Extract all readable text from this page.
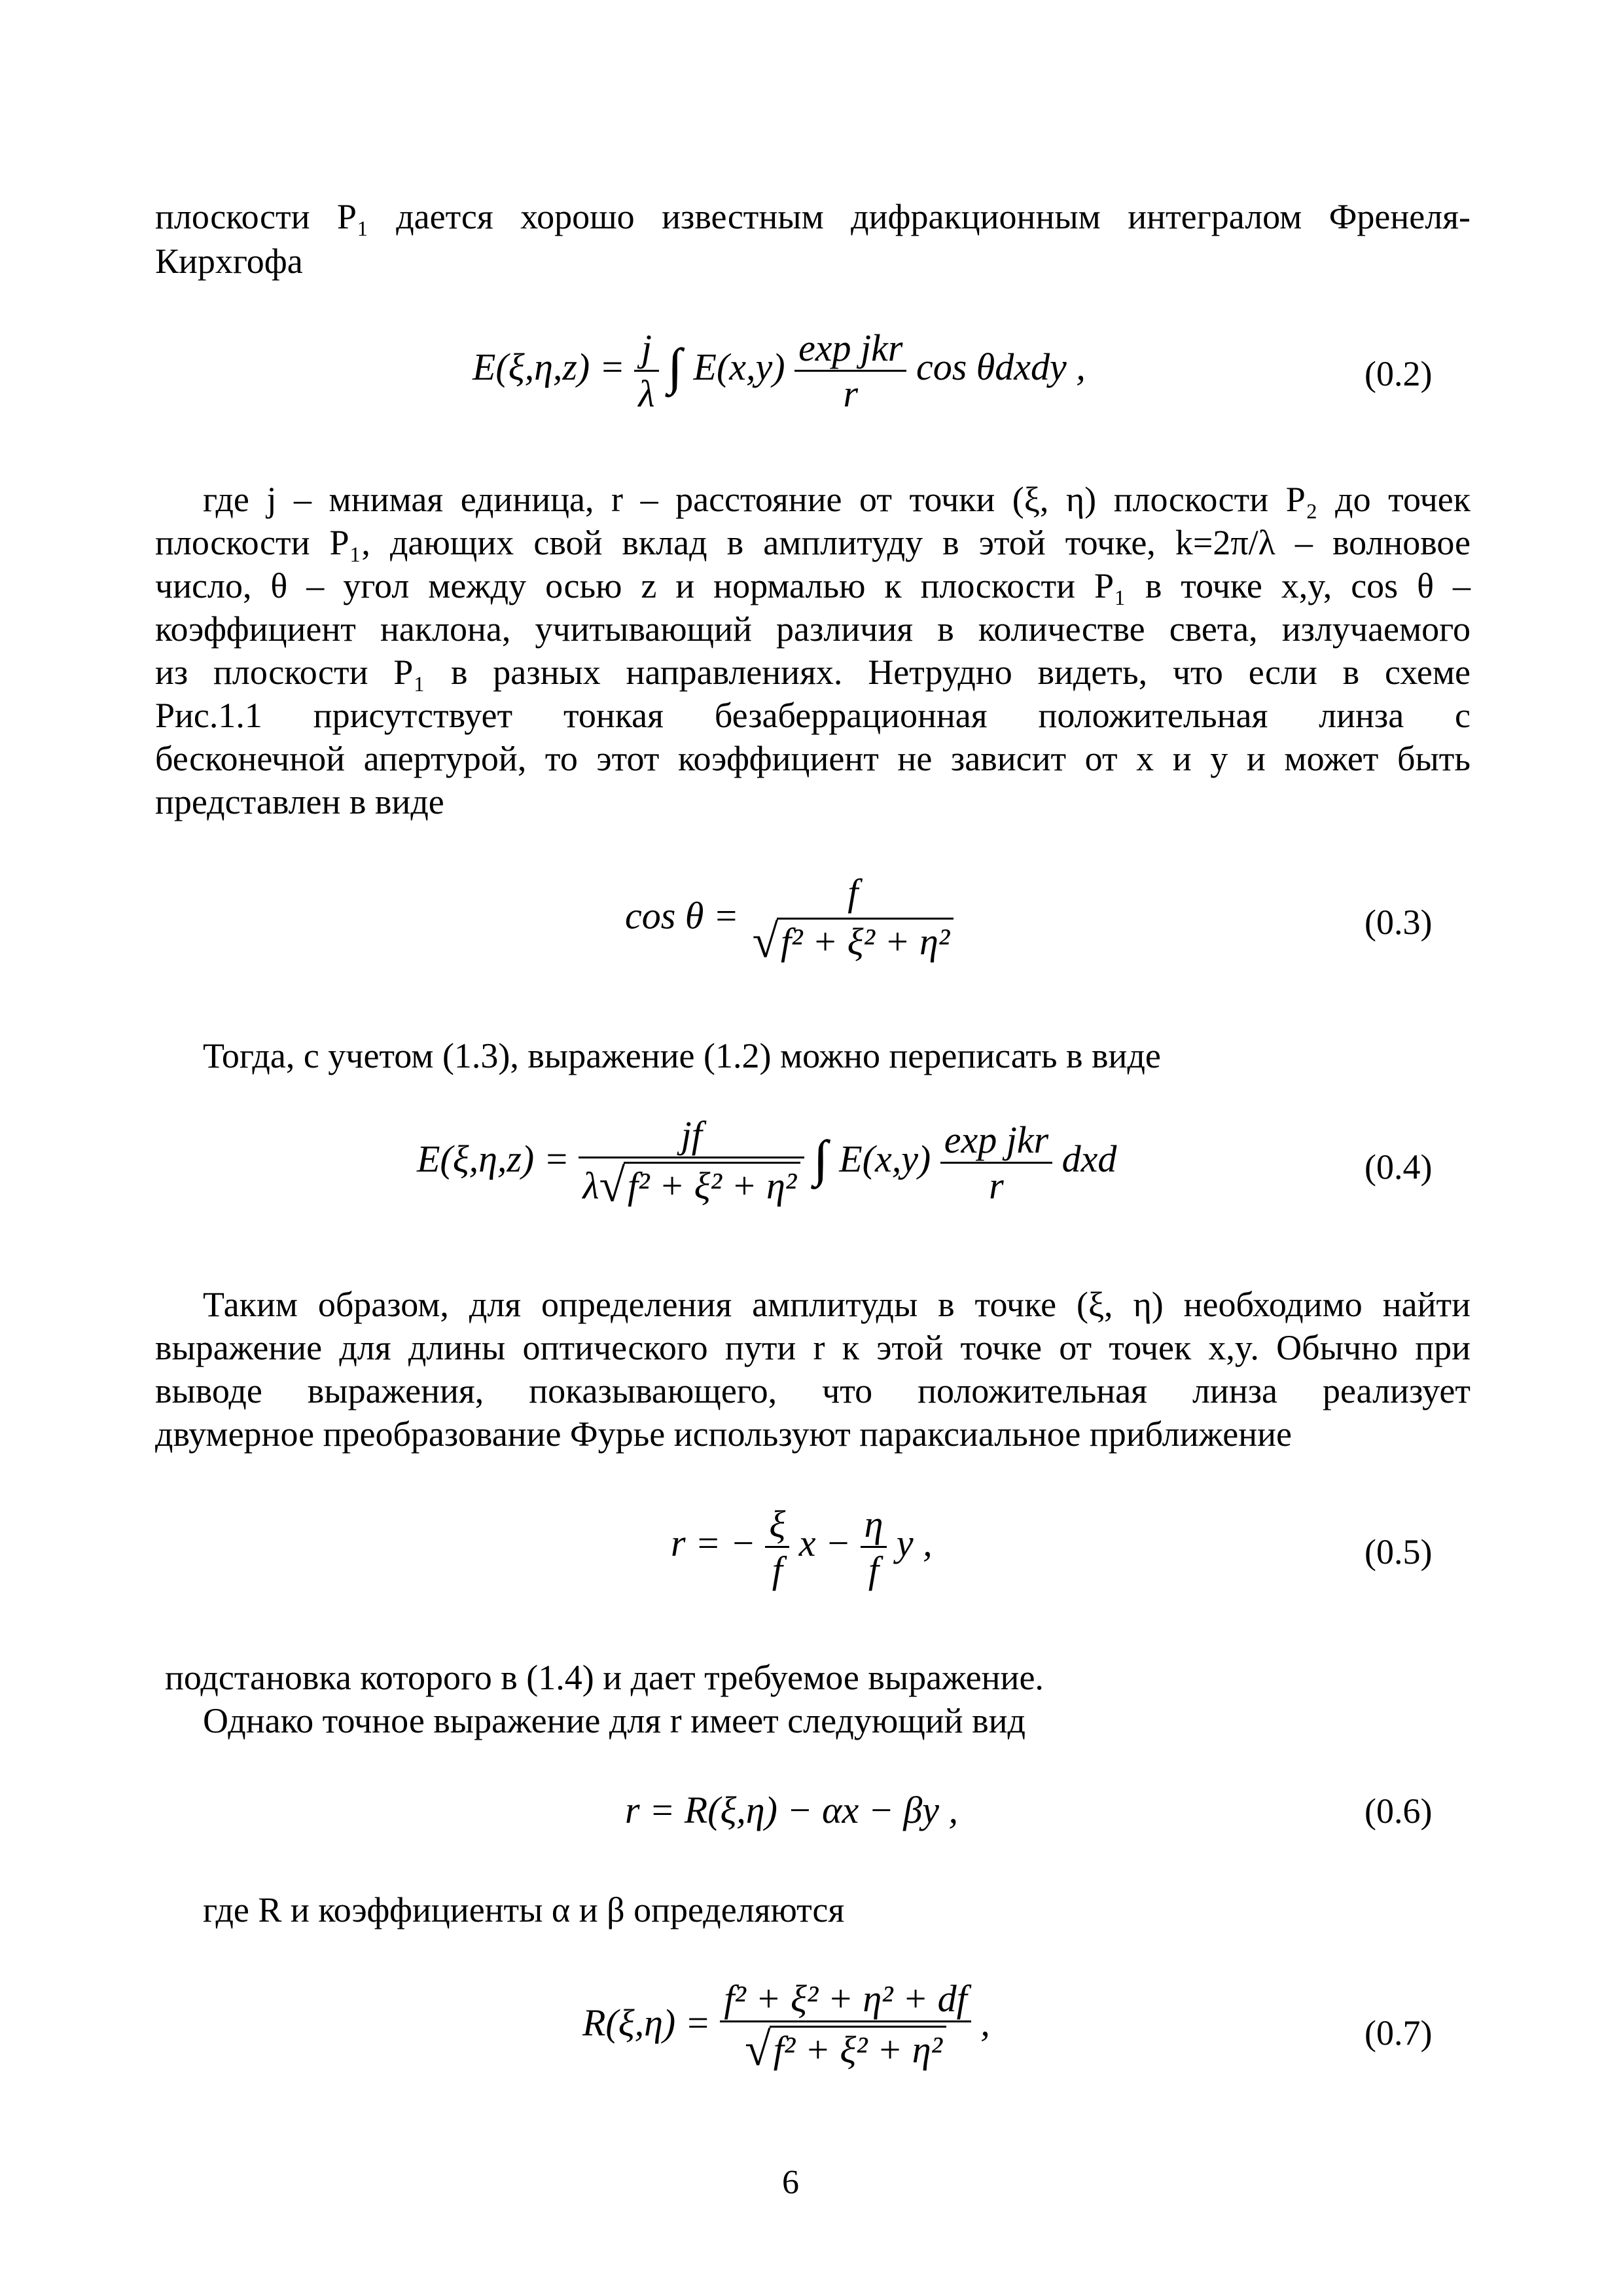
плоскости P₁ дается хорошо известным дифракционным интегралом Френеля-
Кирхгофа
$E(\xi,\eta,z) = \frac{j}{\lambda} E(x,y) \frac{\text{exp jkr}}{r}$ cos θdxdy ,	(0.2)
где j – мнимая единица, r – расстояние от точки (ξ, η) плоскости P₂ до точек
плоскости P₁, дающих свой вклад в амплитуду в этой точке, k=2π/λ – волновое
число, θ – угол между осью z и нормалью к плоскости P₁ в точке x,y, cos θ –
коэффициент наклона, учитывающий различия в количестве света, излучаемого
из плоскости P₁ в разных направлениях. Нетрудно видеть, что если в схеме
Рис.1.1 присутствует тонкая безаберрационная положительная линза с
бесконечной апертурой, то этот коэффициент не зависит от x и y и может быть
представлен в виде
cos θ =
f
√f² + ξ² + η²	(0.3)
Тогда, с учетом (1.3), выражение (1.2) можно переписать в виде
$E(\xi,\eta,z) = \frac{jf}{\text{λ√f² + ξ² + η²}} E(x,y) \frac{\text{exp jkr}}{r}$ dxd	(0.4)
Таким образом, для определения амплитуды в точке (ξ, η) необходимо найти
выражение для длины оптического пути r к этой точке от точек x,y. Обычно при
выводе выражения, показывающего, что положительная линза реализует
двумерное преобразование Фурье используют параксиальное приближение
r = − $\frac{\xi}{f}$ $x - \frac{\eta}{f}$ y ,	(0.5)
подстановка которого в (1.4) и дает требуемое выражение.
Однако точное выражение для r имеет следующий вид
r = R(ξ,η) − αx − βy ,	(0.6)
где R и коэффициенты α и β определяются
$R(\xi,\eta) = \frac{\text{f² + ξ² + η² + df}}{\text{√f² + ξ² + η²}}$ ,	(0.7)
6
